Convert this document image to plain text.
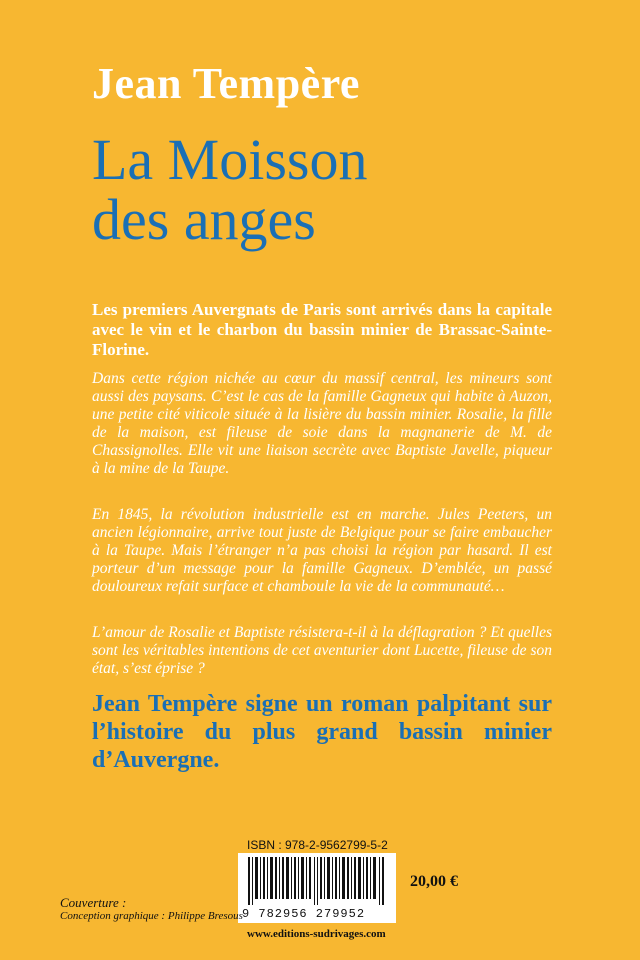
Jean Tempère
La Moisson
des anges
Les premiers Auvergnats de Paris sont arrivés dans la capitale avec le vin et le charbon du bassin minier de Brassac-Sainte-Florine.
Dans cette région nichée au cœur du massif central, les mineurs sont aussi des paysans. C’est le cas de la famille Gagneux qui habite à Auzon, une petite cité viticole située à la lisière du bassin minier. Rosalie, la fille de la maison, est fileuse de soie dans la magnanerie de M. de Chassignolles. Elle vit une liaison secrète avec Baptiste Javelle, piqueur à la mine de la Taupe.
En 1845, la révolution industrielle est en marche. Jules Peeters, un ancien légionnaire, arrive tout juste de Belgique pour se faire embaucher à la Taupe. Mais l’étranger n’a pas choisi la région par hasard. Il est porteur d’un message pour la famille Gagneux. D’emblée, un passé douloureux refait surface et chamboule la vie de la communauté…
L’amour de Rosalie et Baptiste résistera-t-il à la déflagration ? Et quelles sont les véritables intentions de cet aventurier dont Lucette, fileuse de son état, s’est éprise ?
Jean Tempère signe un roman palpitant sur l’histoire du plus grand bassin minier d’Auvergne.
ISBN : 978-2-9562799-5-2
9 782956 279952
20,00 €
www.editions-sudrivages.com
Couverture :
Conception graphique : Philippe Bresous
